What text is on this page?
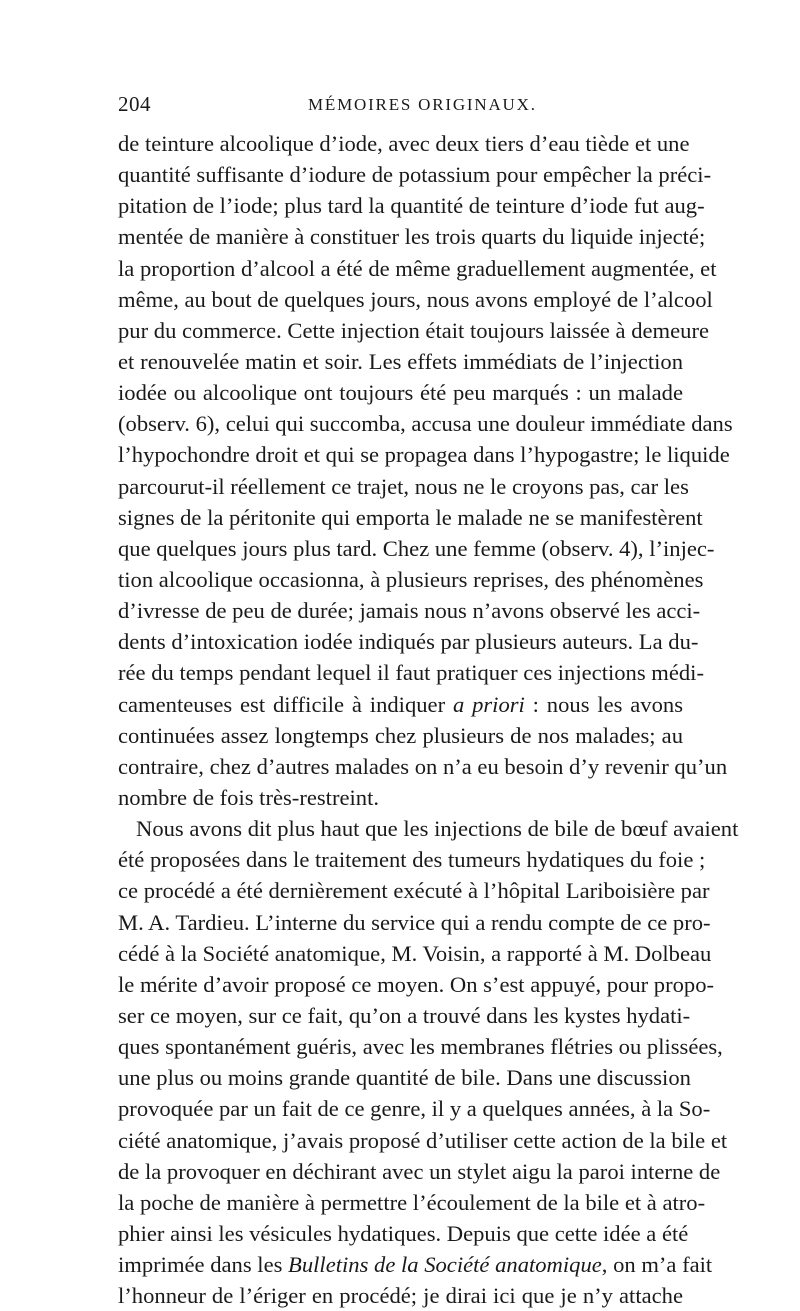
204	MÉMOIRES ORIGINAUX.
de teinture alcoolique d’iode, avec deux tiers d’eau tiède et une
quantité suffisante d’iodure de potassium pour empêcher la préci-
pitation de l’iode; plus tard la quantité de teinture d’iode fut aug-
mentée de manière à constituer les trois quarts du liquide injecté;
la proportion d’alcool a été de même graduellement augmentée, et
même, au bout de quelques jours, nous avons employé de l’alcool
pur du commerce. Cette injection était toujours laissée à demeure
et renouvelée matin et soir. Les effets immédiats de l’injection
iodée ou alcoolique ont toujours été peu marqués : un malade
(observ. 6), celui qui succomba, accusa une douleur immédiate dans
l’hypochondre droit et qui se propagea dans l’hypogastre; le liquide
parcourut-il réellement ce trajet, nous ne le croyons pas, car les
signes de la péritonite qui emporta le malade ne se manifestèrent
que quelques jours plus tard. Chez une femme (observ. 4), l’injec-
tion alcoolique occasionna, à plusieurs reprises, des phénomènes
d’ivresse de peu de durée; jamais nous n’avons observé les acci-
dents d’intoxication iodée indiqués par plusieurs auteurs. La du-
rée du temps pendant lequel il faut pratiquer ces injections médi-
camenteuses est difficile à indiquer a priori : nous les avons
continuées assez longtemps chez plusieurs de nos malades; au
contraire, chez d’autres malades on n’a eu besoin d’y revenir qu’un
nombre de fois très-restreint.
Nous avons dit plus haut que les injections de bile de bœuf avaient
été proposées dans le traitement des tumeurs hydatiques du foie ;
ce procédé a été dernièrement exécuté à l’hôpital Lariboisière par
M. A. Tardieu. L’interne du service qui a rendu compte de ce pro-
cédé à la Société anatomique, M. Voisin, a rapporté à M. Dolbeau
le mérite d’avoir proposé ce moyen. On s’est appuyé, pour propo-
ser ce moyen, sur ce fait, qu’on a trouvé dans les kystes hydati-
ques spontanément guéris, avec les membranes flétries ou plissées,
une plus ou moins grande quantité de bile. Dans une discussion
provoquée par un fait de ce genre, il y a quelques années, à la So-
ciété anatomique, j’avais proposé d’utiliser cette action de la bile et
de la provoquer en déchirant avec un stylet aigu la paroi interne de
la poche de manière à permettre l’écoulement de la bile et à atro-
phier ainsi les vésicules hydatiques. Depuis que cette idée a été
imprimée dans les Bulletins de la Société anatomique, on m’a fait
l’honneur de l’ériger en procédé; je dirai ici que je n’y attache
